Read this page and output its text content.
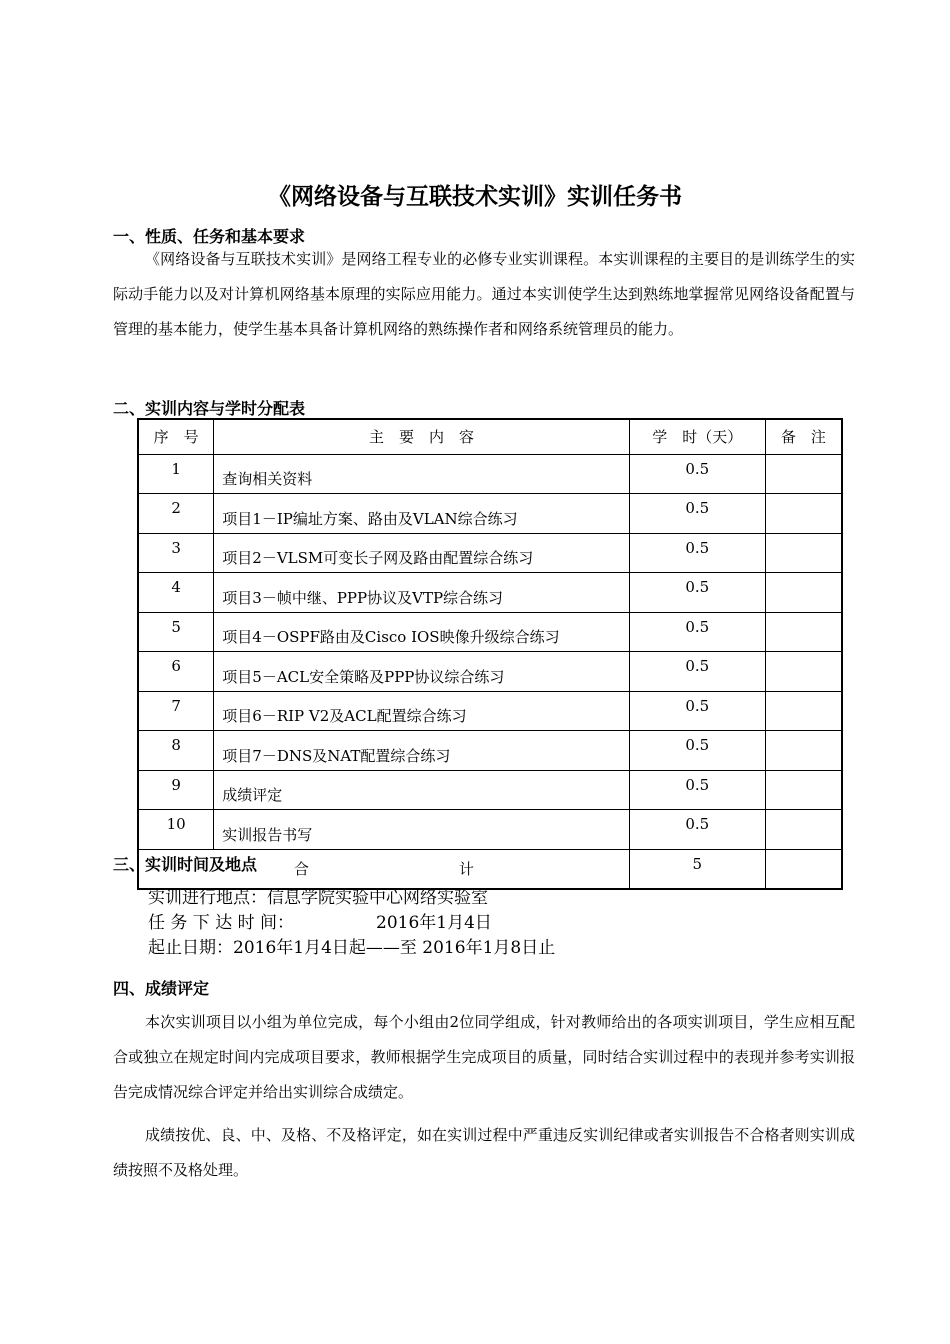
《网络设备与互联技术实训》实训任务书
一、性质、任务和基本要求
《网络设备与互联技术实训》是网络工程专业的必修专业实训课程。本实训课程的主要目的是训练学生的实际动手能力以及对计算机网络基本原理的实际应用能力。通过本实训使学生达到熟练地掌握常见网络设备配置与管理的基本能力，使学生基本具备计算机网络的熟练操作者和网络系统管理员的能力。
二、实训内容与学时分配表
序　号	主　要　内　容	学　时（天）	备　注
1	查询相关资料	0.5	
2	项目1－IP编址方案、路由及VLAN综合练习	0.5	
3	项目2－VLSM可变长子网及路由配置综合练习	0.5	
4	项目3－帧中继、PPP协议及VTP综合练习	0.5	
5	项目4－OSPF路由及Cisco IOS映像升级综合练习	0.5	
6	项目5－ACL安全策略及PPP协议综合练习	0.5	
7	项目6－RIP V2及ACL配置综合练习	0.5	
8	项目7－DNS及NAT配置综合练习	0.5	
9	成绩评定	0.5	
10	实训报告书写	0.5	
合　　　　　　　　　　计		5	
三、实训时间及地点
实训进行地点：信息学院实验中心网络实验室
任 务 下 达 时 间：	2016年1月4日
起止日期：2016年1月4日起——至 2016年1月8日止
四、成绩评定
本次实训项目以小组为单位完成，每个小组由2位同学组成，针对教师给出的各项实训项目，学生应相互配合或独立在规定时间内完成项目要求，教师根据学生完成项目的质量，同时结合实训过程中的表现并参考实训报告完成情况综合评定并给出实训综合成绩定。
成绩按优、良、中、及格、不及格评定，如在实训过程中严重违反实训纪律或者实训报告不合格者则实训成绩按照不及格处理。
